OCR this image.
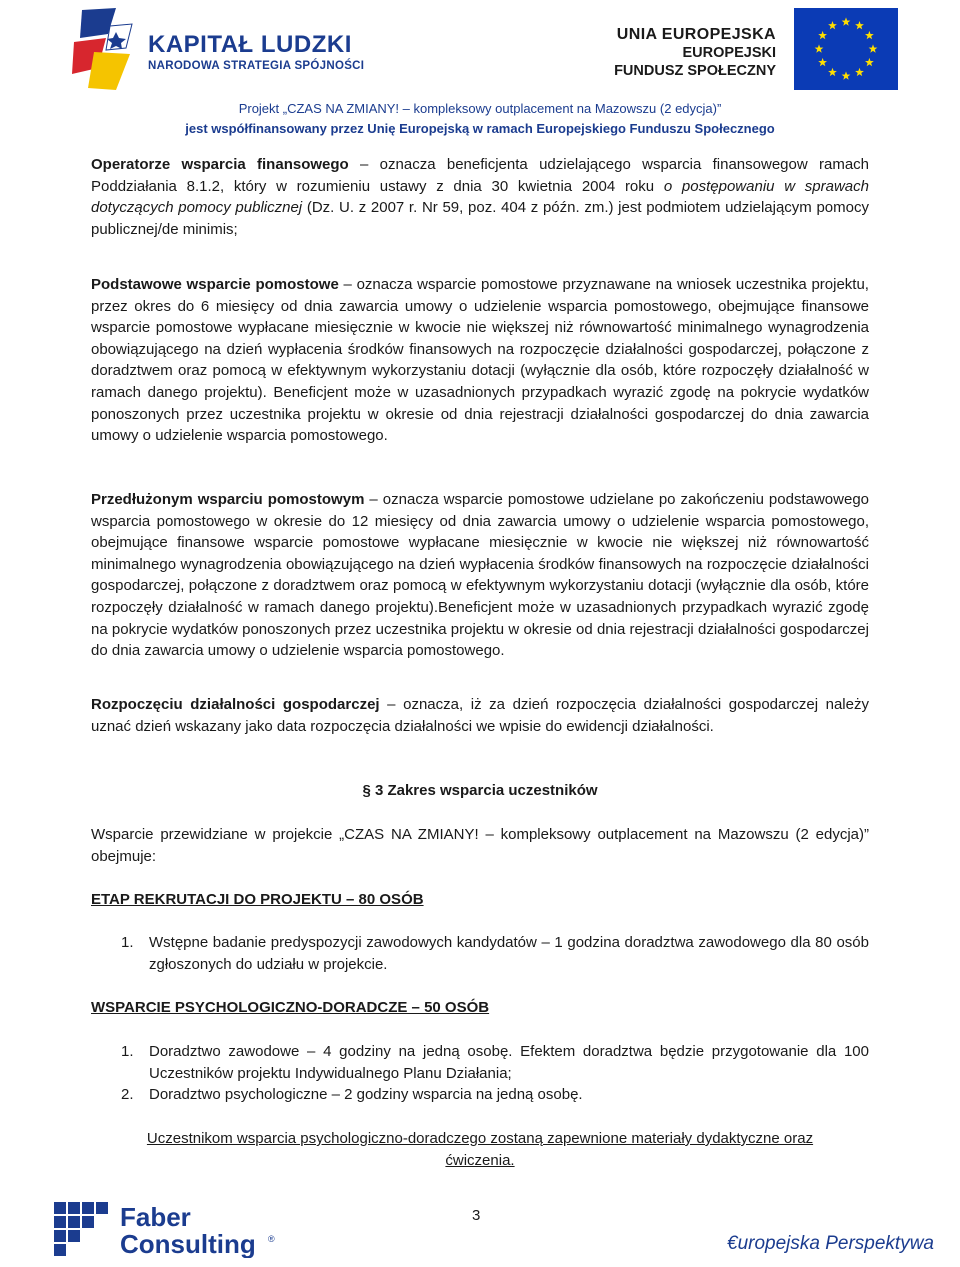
KAPITAŁ LUDZKI
NARODOWA STRATEGIA SPÓJNOŚCI
UNIA EUROPEJSKA
EUROPEJSKI
FUNDUSZ SPOŁECZNY
Projekt „CZAS NA ZMIANY! – kompleksowy outplacement na Mazowszu (2 edycja)”
jest współfinansowany przez Unię Europejską w ramach Europejskiego Funduszu Społecznego

Operatorze wsparcia finansowego – oznacza beneficjenta udzielającego wsparcia finansowegow ramach Poddziałania 8.1.2, który w rozumieniu ustawy z dnia 30 kwietnia 2004 roku o postępowaniu w sprawach dotyczących pomocy publicznej (Dz. U. z 2007 r. Nr 59, poz. 404 z późn. zm.) jest podmiotem udzielającym pomocy publicznej/de minimis;

Podstawowe wsparcie pomostowe – oznacza wsparcie pomostowe przyznawane na wniosek uczestnika projektu, przez okres do 6 miesięcy od dnia zawarcia umowy o udzielenie wsparcia pomostowego, obejmujące finansowe wsparcie pomostowe wypłacane miesięcznie w kwocie nie większej niż równowartość minimalnego wynagrodzenia obowiązującego na dzień wypłacenia środków finansowych na rozpoczęcie działalności gospodarczej, połączone z doradztwem oraz pomocą w efektywnym wykorzystaniu dotacji (wyłącznie dla osób, które rozpoczęły działalność w ramach danego projektu). Beneficjent może w uzasadnionych przypadkach wyrazić zgodę na pokrycie wydatków ponoszonych przez uczestnika projektu w okresie od dnia rejestracji działalności gospodarczej do dnia zawarcia umowy o udzielenie wsparcia pomostowego.

Przedłużonym wsparciu pomostowym – oznacza wsparcie pomostowe udzielane po zakończeniu podstawowego wsparcia pomostowego w okresie do 12 miesięcy od dnia zawarcia umowy o udzielenie wsparcia pomostowego, obejmujące finansowe wsparcie pomostowe wypłacane miesięcznie w kwocie nie większej niż równowartość minimalnego wynagrodzenia obowiązującego na dzień wypłacenia środków finansowych na rozpoczęcie działalności gospodarczej, połączone z doradztwem oraz pomocą w efektywnym wykorzystaniu dotacji (wyłącznie dla osób, które rozpoczęły działalność w ramach danego projektu).Beneficjent może w uzasadnionych przypadkach wyrazić zgodę na pokrycie wydatków ponoszonych przez uczestnika projektu w okresie od dnia rejestracji działalności gospodarczej do dnia zawarcia umowy o udzielenie wsparcia pomostowego.

Rozpoczęciu działalności gospodarczej – oznacza, iż za dzień rozpoczęcia działalności gospodarczej należy uznać dzień wskazany jako data rozpoczęcia działalności we wpisie do ewidencji działalności.

§ 3 Zakres wsparcia uczestników

Wsparcie przewidziane w projekcie „CZAS NA ZMIANY! – kompleksowy outplacement na Mazowszu (2 edycja)” obejmuje:

ETAP REKRUTACJI DO PROJEKTU – 80 OSÓB
1.	Wstępne badanie predyspozycji zawodowych kandydatów – 1 godzina doradztwa zawodowego dla 80 osób zgłoszonych do udziału w projekcie.
WSPARCIE PSYCHOLOGICZNO-DORADCZE – 50 OSÓB
1.	Doradztwo zawodowe – 4 godziny na jedną osobę. Efektem doradztwa będzie przygotowanie dla 100 Uczestników projektu Indywidualnego Planu Działania;
2.	Doradztwo psychologiczne – 2 godziny wsparcia na jedną osobę.
Uczestnikom wsparcia psychologiczno-doradczego zostaną zapewnione materiały dydaktyczne oraz ćwiczenia.
Faber
Consulting ®
3
€uropejska Perspektywa
